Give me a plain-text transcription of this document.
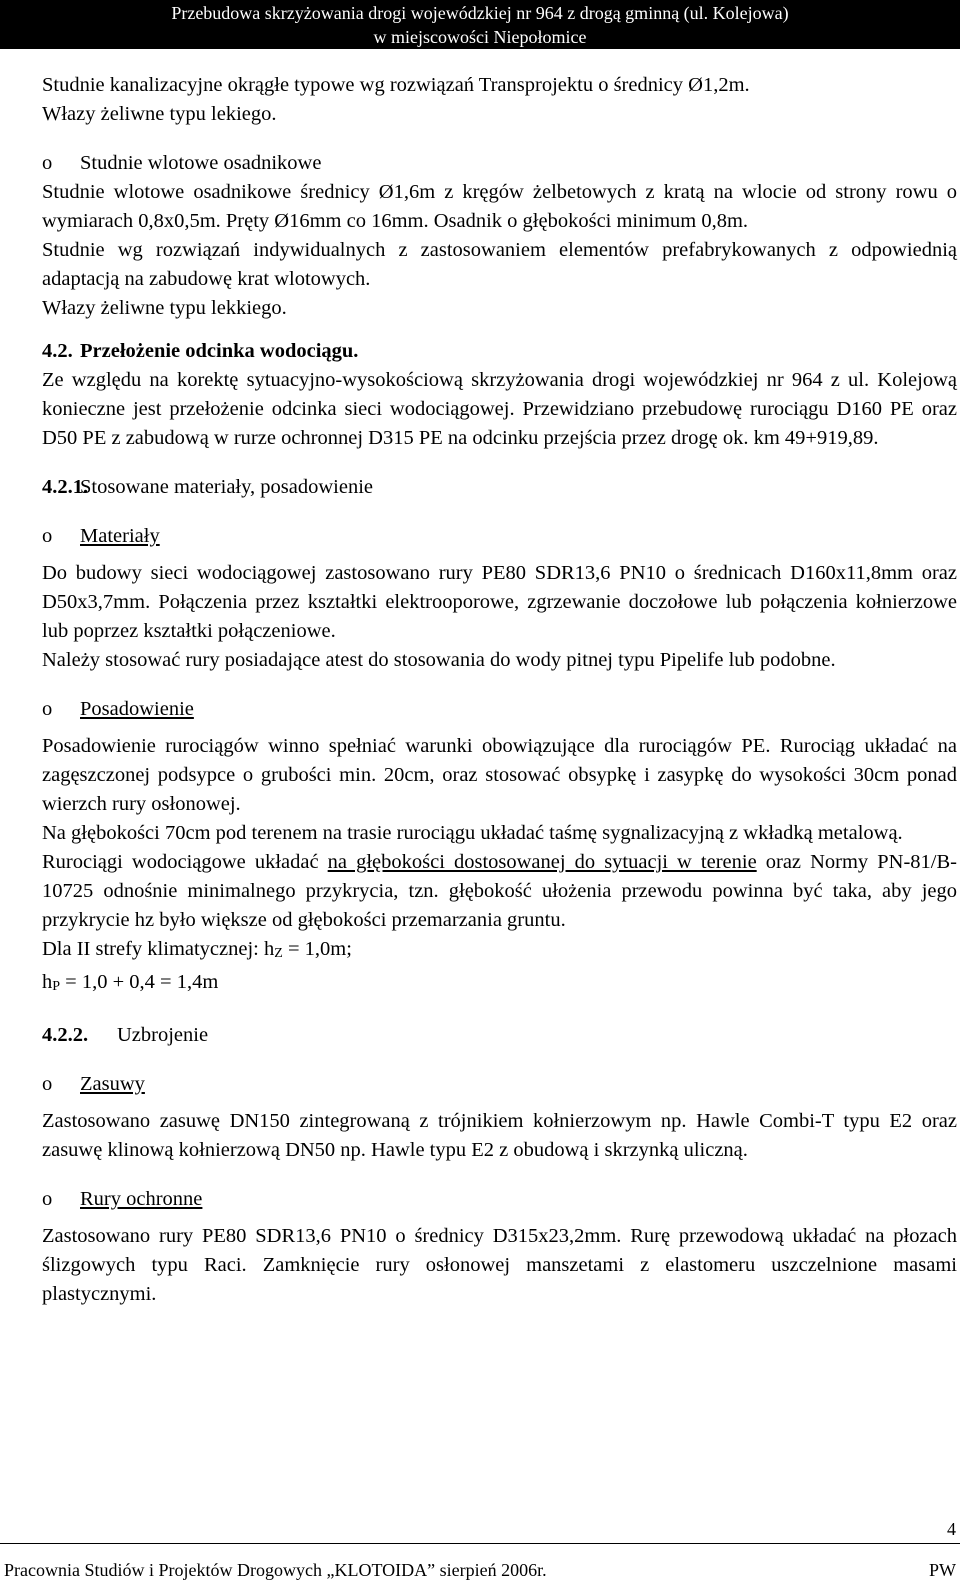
Przebudowa skrzyżowania drogi wojewódzkiej nr 964 z drogą gminną (ul. Kolejowa)
w miejscowości Niepołomice

Studnie kanalizacyjne okrągłe typowe wg rozwiązań Transprojektu o średnicy Ø1,2m.

Włazy żeliwne typu lekiego.

o	Studnie wlotowe osadnikowe

Studnie wlotowe osadnikowe średnicy Ø1,6m z kręgów żelbetowych z kratą na wlocie od strony rowu o wymiarach 0,8x0,5m. Pręty Ø16mm co 16mm. Osadnik o głębokości minimum 0,8m.

Studnie wg rozwiązań indywidualnych z zastosowaniem elementów prefabrykowanych z odpowiednią adaptacją na zabudowę krat wlotowych.

Włazy żeliwne typu lekkiego.

4.2. Przełożenie odcinka wodociągu.

Ze względu na korektę sytuacyjno-wysokościową skrzyżowania drogi wojewódzkiej nr 964 z ul. Kolejową konieczne jest przełożenie odcinka sieci wodociągowej. Przewidziano przebudowę rurociągu D160 PE oraz D50 PE z zabudową w rurze ochronnej D315 PE na odcinku przejścia przez drogę ok. km 49+919,89.

4.2.1.Stosowane materiały, posadowienie

o	Materiały

Do budowy sieci wodociągowej zastosowano rury PE80 SDR13,6 PN10 o średnicach D160x11,8mm oraz D50x3,7mm. Połączenia przez kształtki elektrooporowe, zgrzewanie doczołowe lub połączenia kołnierzowe lub poprzez kształtki połączeniowe.

Należy stosować rury posiadające atest do stosowania do wody pitnej typu Pipelife lub podobne.

o	Posadowienie

Posadowienie rurociągów winno spełniać warunki obowiązujące dla rurociągów PE. Rurociąg układać na zagęszczonej podsypce o grubości min. 20cm, oraz stosować obsypkę i zasypkę do wysokości 30cm ponad wierzch rury osłonowej.

Na głębokości 70cm pod terenem na trasie rurociągu układać taśmę sygnalizacyjną z wkładką metalową.

Rurociągi wodociągowe układać na głębokości dostosowanej do sytuacji w terenie oraz Normy PN-81/B-10725 odnośnie minimalnego przykrycia, tzn. głębokość ułożenia przewodu powinna być taka, aby jego przykrycie hz było większe od głębokości przemarzania gruntu.

Dla II strefy klimatycznej: hZ = 1,0m;

hP = 1,0 + 0,4 = 1,4m

4.2.2. Uzbrojenie

o	Zasuwy

Zastosowano zasuwę DN150 zintegrowaną z trójnikiem kołnierzowym np. Hawle Combi-T typu E2 oraz zasuwę klinową kołnierzową DN50 np. Hawle typu E2 z obudową i skrzynką uliczną.

o	Rury ochronne

Zastosowano rury PE80 SDR13,6 PN10 o średnicy D315x23,2mm. Rurę przewodową układać na płozach ślizgowych typu Raci. Zamknięcie rury osłonowej manszetami z elastomeru uszczelnione masami plastycznymi.

4
Pracownia Studiów i Projektów Drogowych „KLOTOIDA” sierpień 2006r.	PW
